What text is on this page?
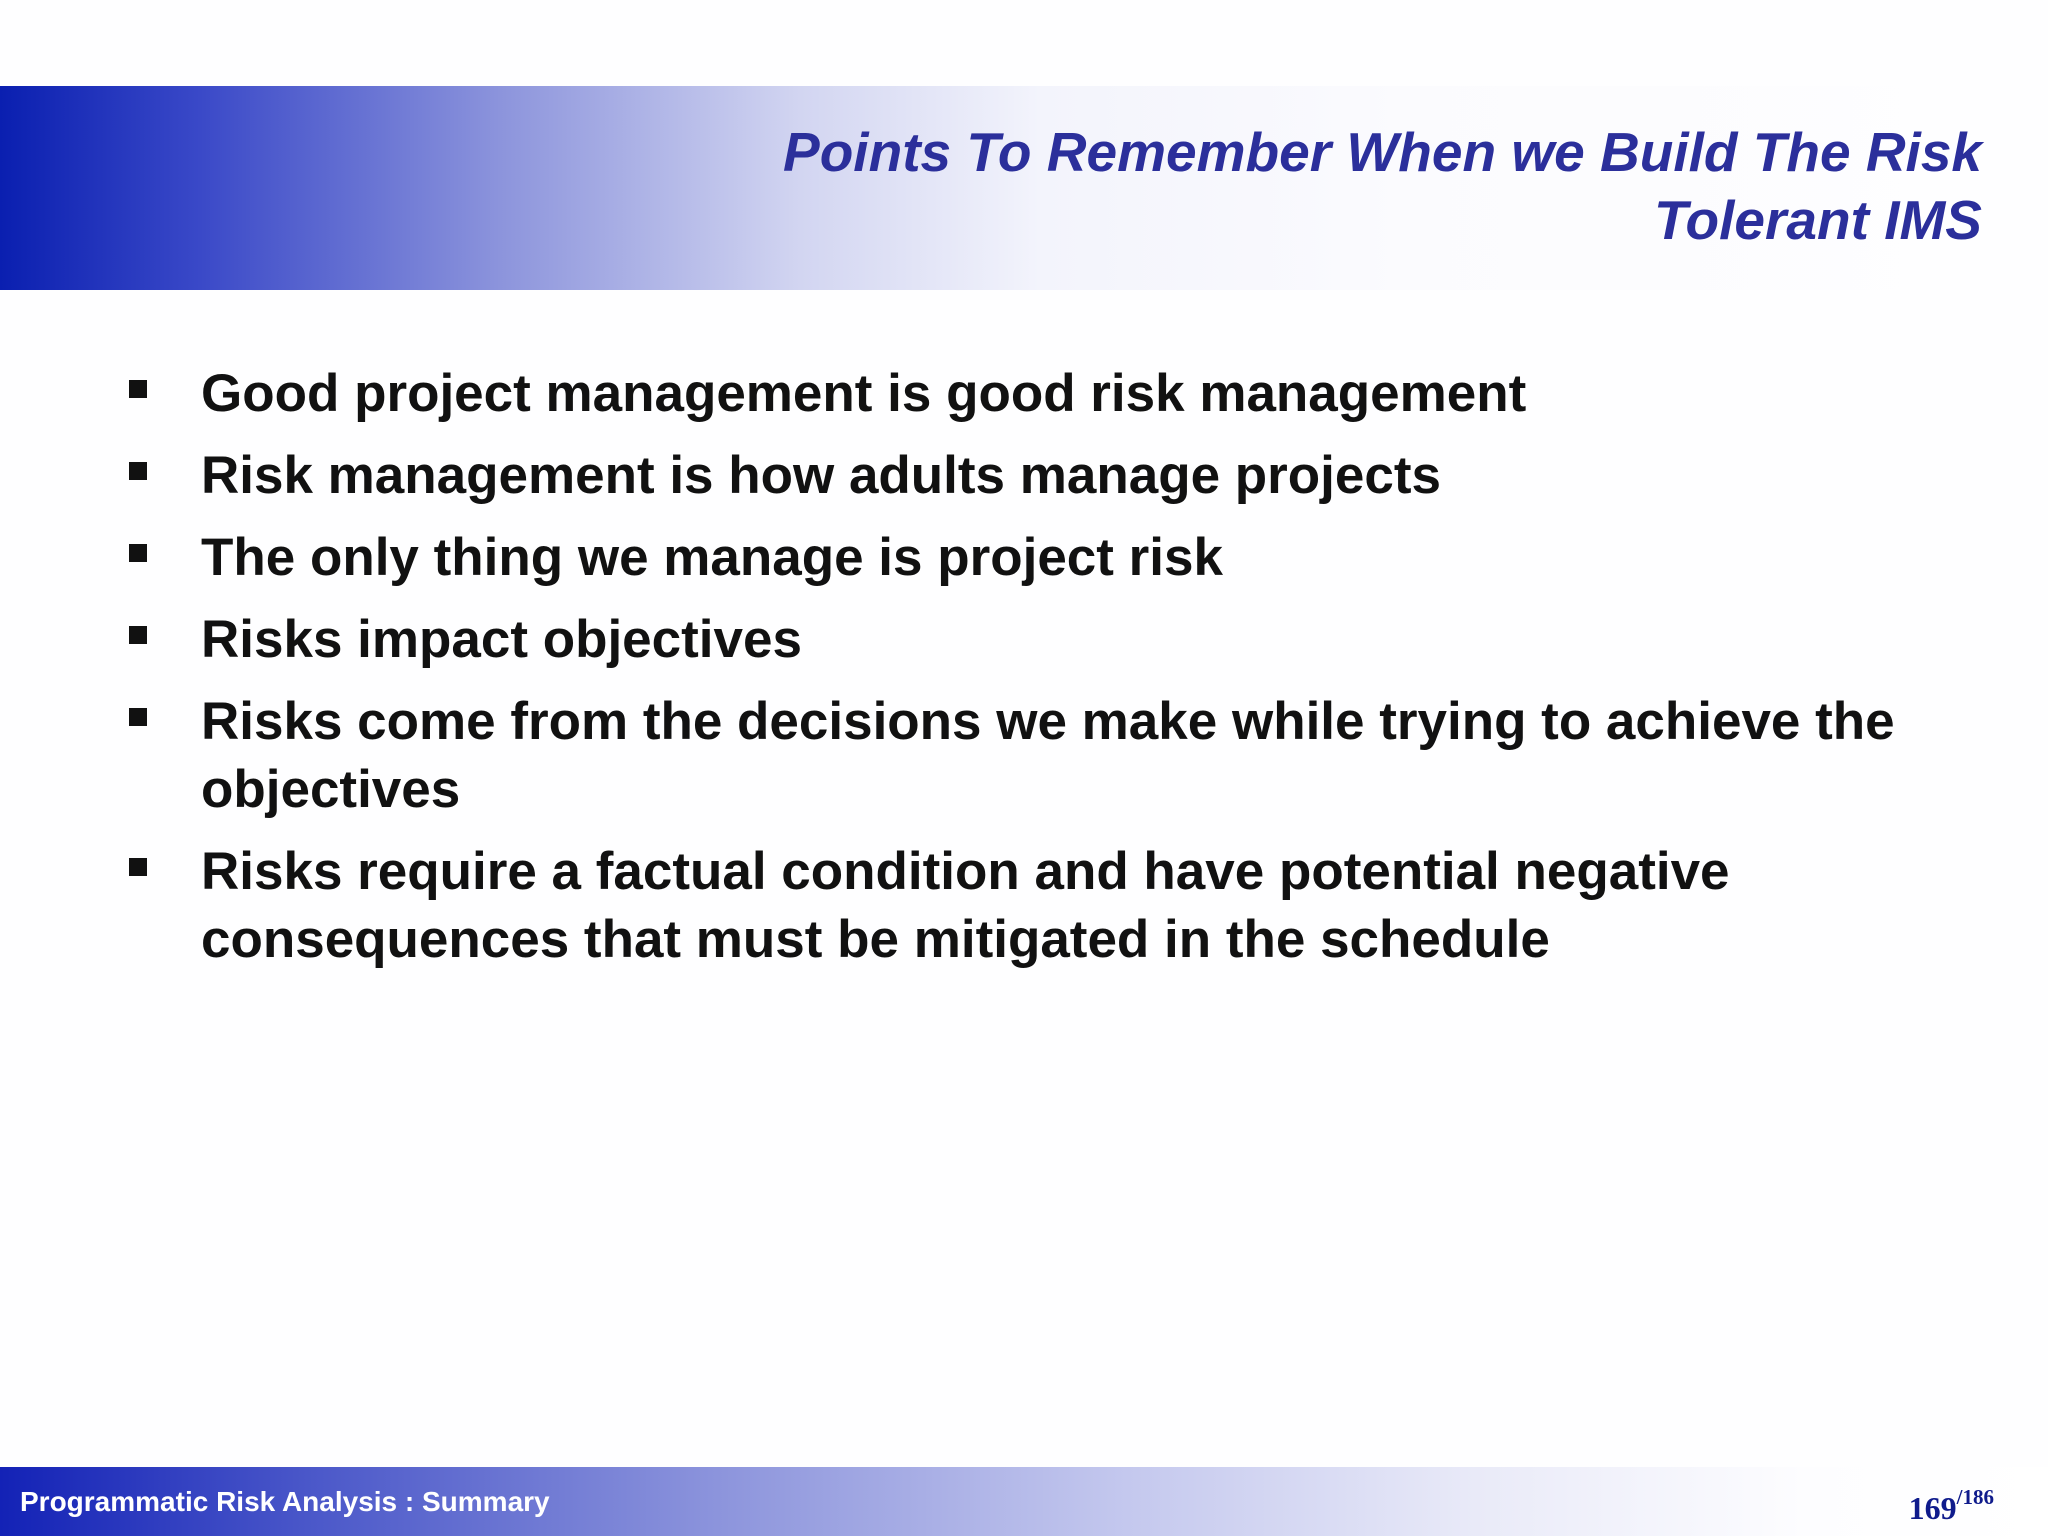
Points To Remember When we Build The Risk Tolerant IMS
Good project management is good risk management
Risk management is how adults manage projects
The only thing we manage is project risk
Risks impact objectives
Risks come from the decisions we make while trying to achieve the objectives
Risks require a factual condition and have potential negative consequences that must be mitigated in the schedule
Programmatic Risk Analysis : Summary	169/186
